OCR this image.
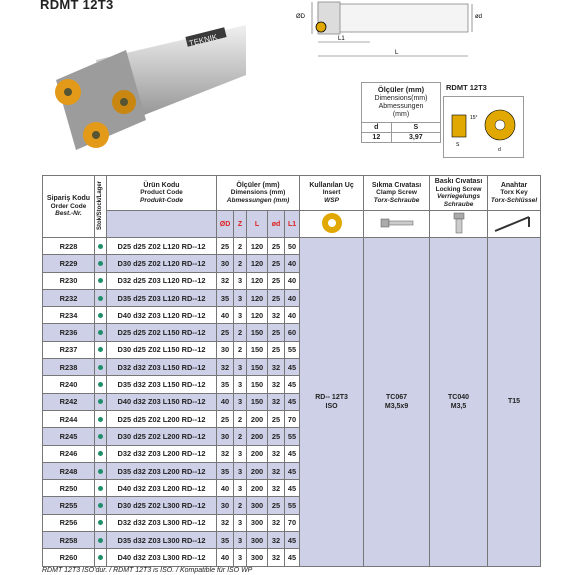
RDMT 12T3
TEKNIK
ØD	ød
L1
L
Ölçüler (mm)
Dimensions(mm)
Abmessungen
(mm)	
d	S
12	3,97
RDMT 12T3
S
15°
d
Sipariş Kodu
Order Code
Best.-Nr.	Stok/Stock/Lager	Ürün Kodu
Product Code
Produkt-Code	Ölçüler (mm)
Dimensions (mm)
Abmessungen (mm)					Kullanılan Uç
Insert
WSP	Sıkma Cıvatası
Clamp Screw
Torx-Schraube	Baskı Cıvatası
Locking Screw
Verriegelungs Schraube	Anahtar
Torx Key
Torx-Schlüssel

			ØD	Z	L	ød	L1				
R228		D25 d25 Z02 L120 RD--12	25	2	120	25	50	RD-- 12T3
ISO	TC067
M3,5x9	TC040
M3,5	T15
R229		D30 d25 Z02 L120 RD--12	30	2	120	25	40				
R230		D32 d25 Z03 L120 RD--12	32	3	120	25	40				
R232		D35 d25 Z03 L120 RD--12	35	3	120	25	40				
R234		D40 d32 Z03 L120 RD--12	40	3	120	32	40				
R236		D25 d25 Z02 L150 RD--12	25	2	150	25	60				
R237		D30 d25 Z02 L150 RD--12	30	2	150	25	55				
R238		D32 d32 Z03 L150 RD--12	32	3	150	32	45				
R240		D35 d32 Z03 L150 RD--12	35	3	150	32	45				
R242		D40 d32 Z03 L150 RD--12	40	3	150	32	45				
R244		D25 d25 Z02 L200 RD--12	25	2	200	25	70				
R245		D30 d25 Z02 L200 RD--12	30	2	200	25	55				
R246		D32 d32 Z03 L200 RD--12	32	3	200	32	45				
R248		D35 d32 Z03 L200 RD--12	35	3	200	32	45				
R250		D40 d32 Z03 L200 RD--12	40	3	200	32	45				
R255		D30 d25 Z02 L300 RD--12	30	2	300	25	55				
R256		D32 d32 Z03 L300 RD--12	32	3	300	32	70				
R258		D35 d32 Z03 L300 RD--12	35	3	300	32	45				
R260		D40 d32 Z03 L300 RD--12	40	3	300	32	45				
RDMT 12T3 ISO'dur. / RDMT 12T3 is ISO. / Kompatible für ISO WP
